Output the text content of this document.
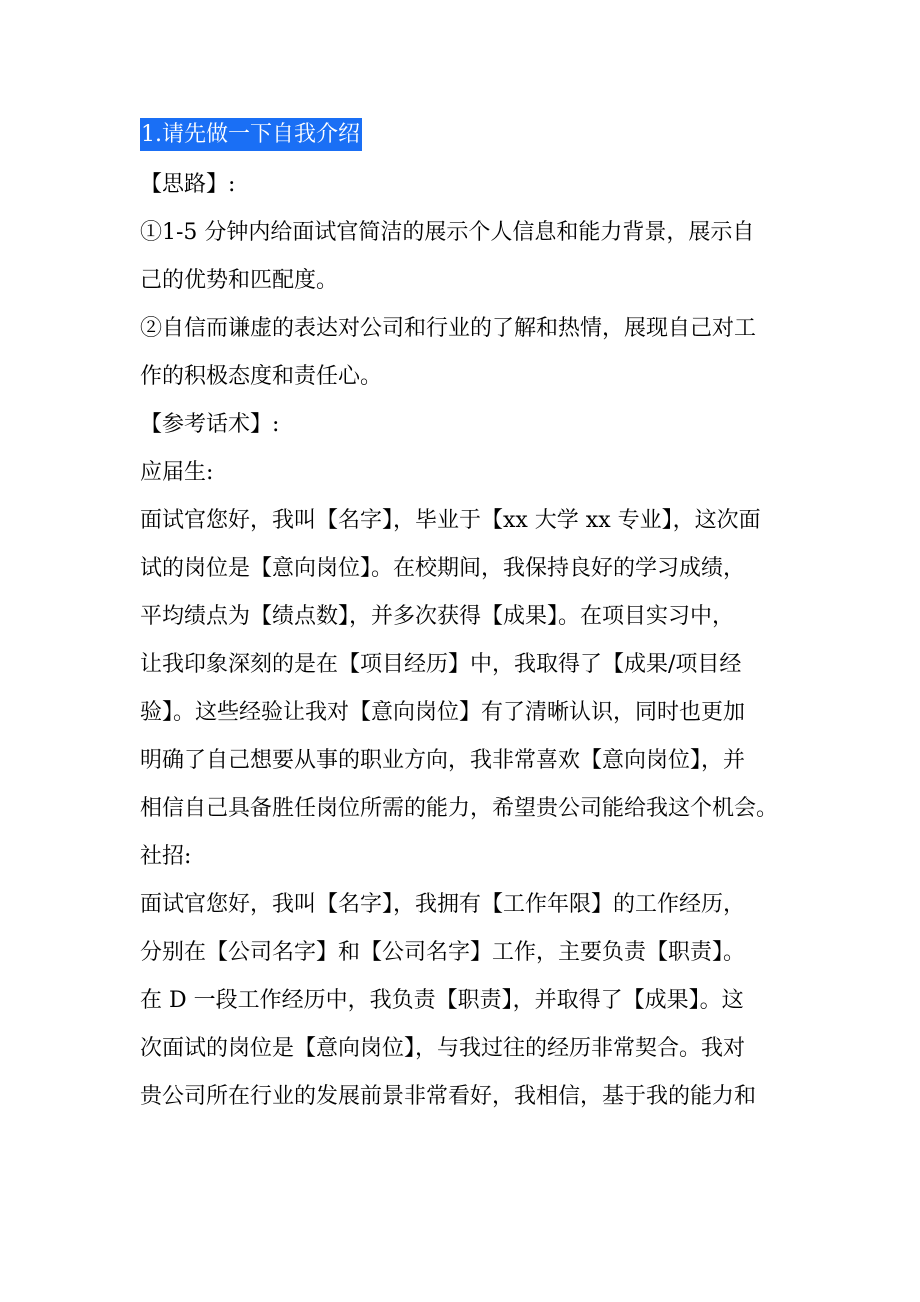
1.请先做一下自我介绍
【思路】:
①1-5 分钟内给面试官简洁的展示个人信息和能力背景，展示自
己的优势和匹配度。
②自信而谦虚的表达对公司和行业的了解和热情，展现自己对工
作的积极态度和责任心。
【参考话术】:
应届生:
面试官您好，我叫【名字】，毕业于【xx 大学 xx 专业】，这次面
试的岗位是【意向岗位】。在校期间，我保持良好的学习成绩，
平均绩点为【绩点数】，并多次获得【成果】。在项目实习中，
让我印象深刻的是在【项目经历】中，我取得了【成果/项目经
验】。这些经验让我对【意向岗位】有了清晰认识，同时也更加
明确了自己想要从事的职业方向，我非常喜欢【意向岗位】，并
相信自己具备胜任岗位所需的能力，希望贵公司能给我这个机会。
社招:
面试官您好，我叫【名字】，我拥有【工作年限】的工作经历，
分别在【公司名字】和【公司名字】工作，主要负责【职责】。
在 D 一段工作经历中，我负责【职责】，并取得了【成果】。这
次面试的岗位是【意向岗位】，与我过往的经历非常契合。我对
贵公司所在行业的发展前景非常看好，我相信，基于我的能力和
